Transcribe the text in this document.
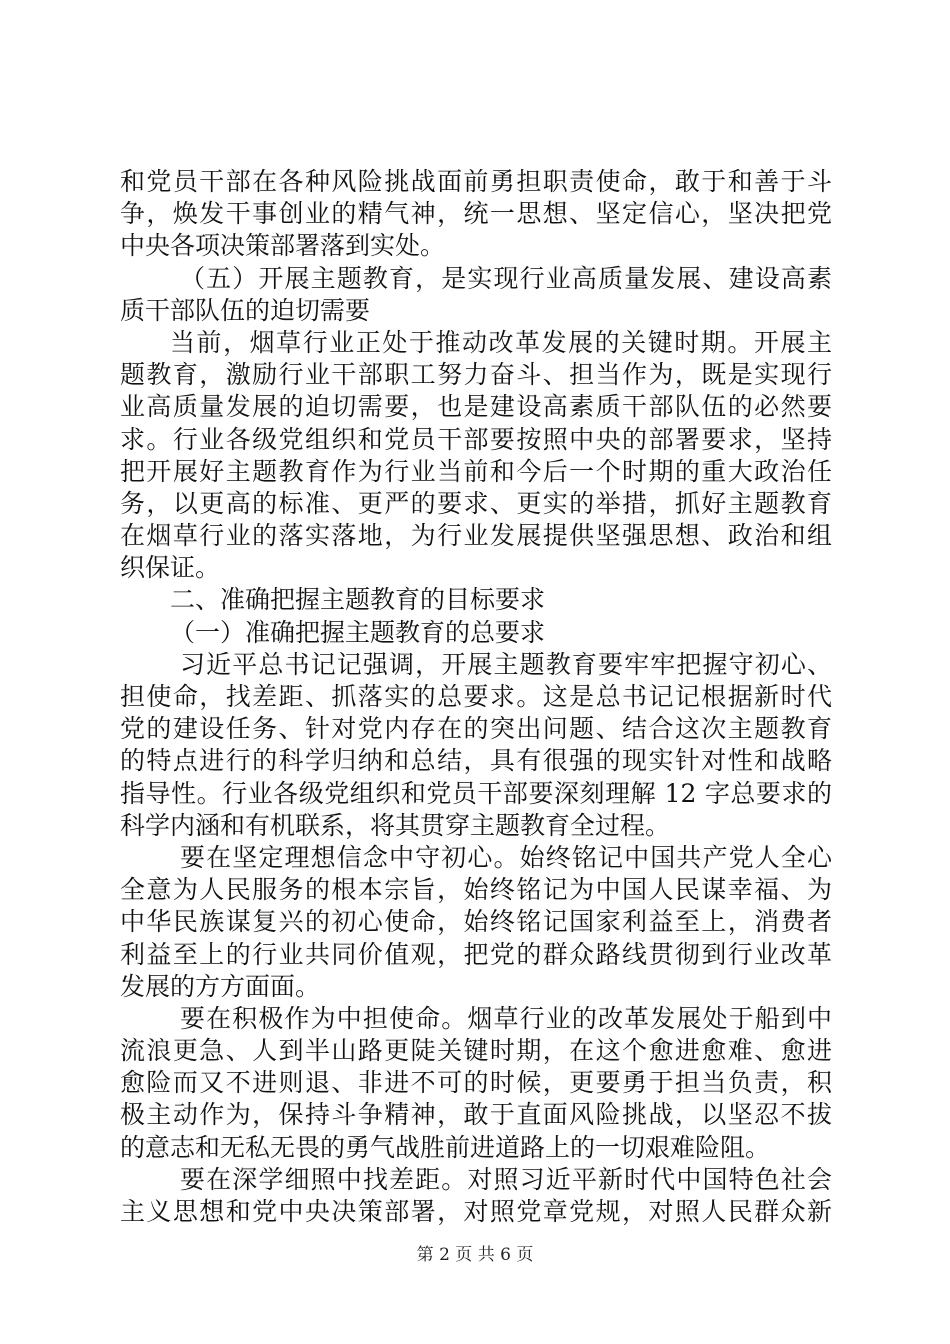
和党员干部在各种风险挑战面前勇担职责使命，敢于和善于斗
争，焕发干事创业的精气神，统一思想、坚定信心，坚决把党
中央各项决策部署落到实处。
（五）开展主题教育，是实现行业高质量发展、建设高素
质干部队伍的迫切需要
当前，烟草行业正处于推动改革发展的关键时期。开展主
题教育，激励行业干部职工努力奋斗、担当作为，既是实现行
业高质量发展的迫切需要，也是建设高素质干部队伍的必然要
求。行业各级党组织和党员干部要按照中央的部署要求，坚持
把开展好主题教育作为行业当前和今后一个时期的重大政治任
务，以更高的标准、更严的要求、更实的举措，抓好主题教育
在烟草行业的落实落地，为行业发展提供坚强思想、政治和组
织保证。
二、准确把握主题教育的目标要求
（一）准确把握主题教育的总要求
习近平总书记记强调，开展主题教育要牢牢把握守初心、
担使命，找差距、抓落实的总要求。这是总书记记根据新时代
党的建设任务、针对党内存在的突出问题、结合这次主题教育
的特点进行的科学归纳和总结，具有很强的现实针对性和战略
指导性。行业各级党组织和党员干部要深刻理解 12 字总要求的
科学内涵和有机联系，将其贯穿主题教育全过程。
要在坚定理想信念中守初心。始终铭记中国共产党人全心
全意为人民服务的根本宗旨，始终铭记为中国人民谋幸福、为
中华民族谋复兴的初心使命，始终铭记国家利益至上，消费者
利益至上的行业共同价值观，把党的群众路线贯彻到行业改革
发展的方方面面。
要在积极作为中担使命。烟草行业的改革发展处于船到中
流浪更急、人到半山路更陡关键时期，在这个愈进愈难、愈进
愈险而又不进则退、非进不可的时候，更要勇于担当负责，积
极主动作为，保持斗争精神，敢于直面风险挑战，以坚忍不拔
的意志和无私无畏的勇气战胜前进道路上的一切艰难险阻。
要在深学细照中找差距。对照习近平新时代中国特色社会
主义思想和党中央决策部署，对照党章党规，对照人民群众新
第 2 页 共 6 页
